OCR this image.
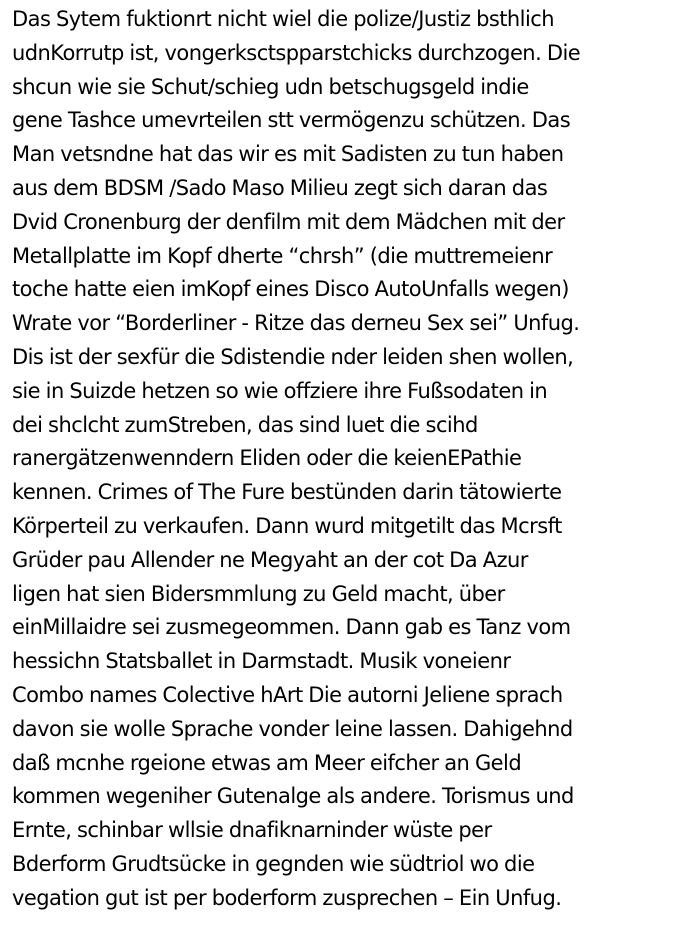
Das Sytem fuktionrt nicht wiel die polize/Justiz bsthlich
udnKorrutp ist, vongerksctspparstchicks durchzogen. Die
shcun wie sie Schut/schieg udn betschugsgeld indie
gene Tashce umevrteilen stt vermögenzu schützen. Das
Man vetsndne hat das wir es mit Sadisten zu tun haben
aus dem BDSM /Sado Maso Milieu zegt sich daran das
Dvid Cronenburg der denfilm mit dem Mädchen mit der
Metallplatte im Kopf dherte “chrsh” (die muttremeienr
toche hatte eien imKopf eines Disco AutoUnfalls wegen)
Wrate vor “Borderliner - Ritze das derneu Sex sei” Unfug.
Dis ist der sexfür die Sdistendie nder leiden shen wollen,
sie in Suizde hetzen so wie offziere ihre Fußsodaten in
dei shclcht zumStreben, das sind luet die scihd
ranergätzenwenndern Eliden oder die keienEPathie
kennen. Crimes of The Fure bestünden darin tätowierte
Körperteil zu verkaufen. Dann wurd mitgetilt das Mcrsft
Grüder pau Allender ne Megyaht an der cot Da Azur
ligen hat sien Bidersmmlung zu Geld macht, über
einMillaidre sei zusmegeommen. Dann gab es Tanz vom
hessichn Statsballet in Darmstadt. Musik voneienr
Combo names Colective hArt Die autorni Jeliene sprach
davon sie wolle Sprache vonder leine lassen. Dahigehnd
daß mcnhe rgeione etwas am Meer eifcher an Geld
kommen wegeniher Gutenalge als andere. Torismus und
Ernte, schinbar wllsie dnafiknarninder wüste per
Bderform Grudtsücke in gegnden wie südtriol wo die
vegation gut ist per boderform zusprechen – Ein Unfug.
